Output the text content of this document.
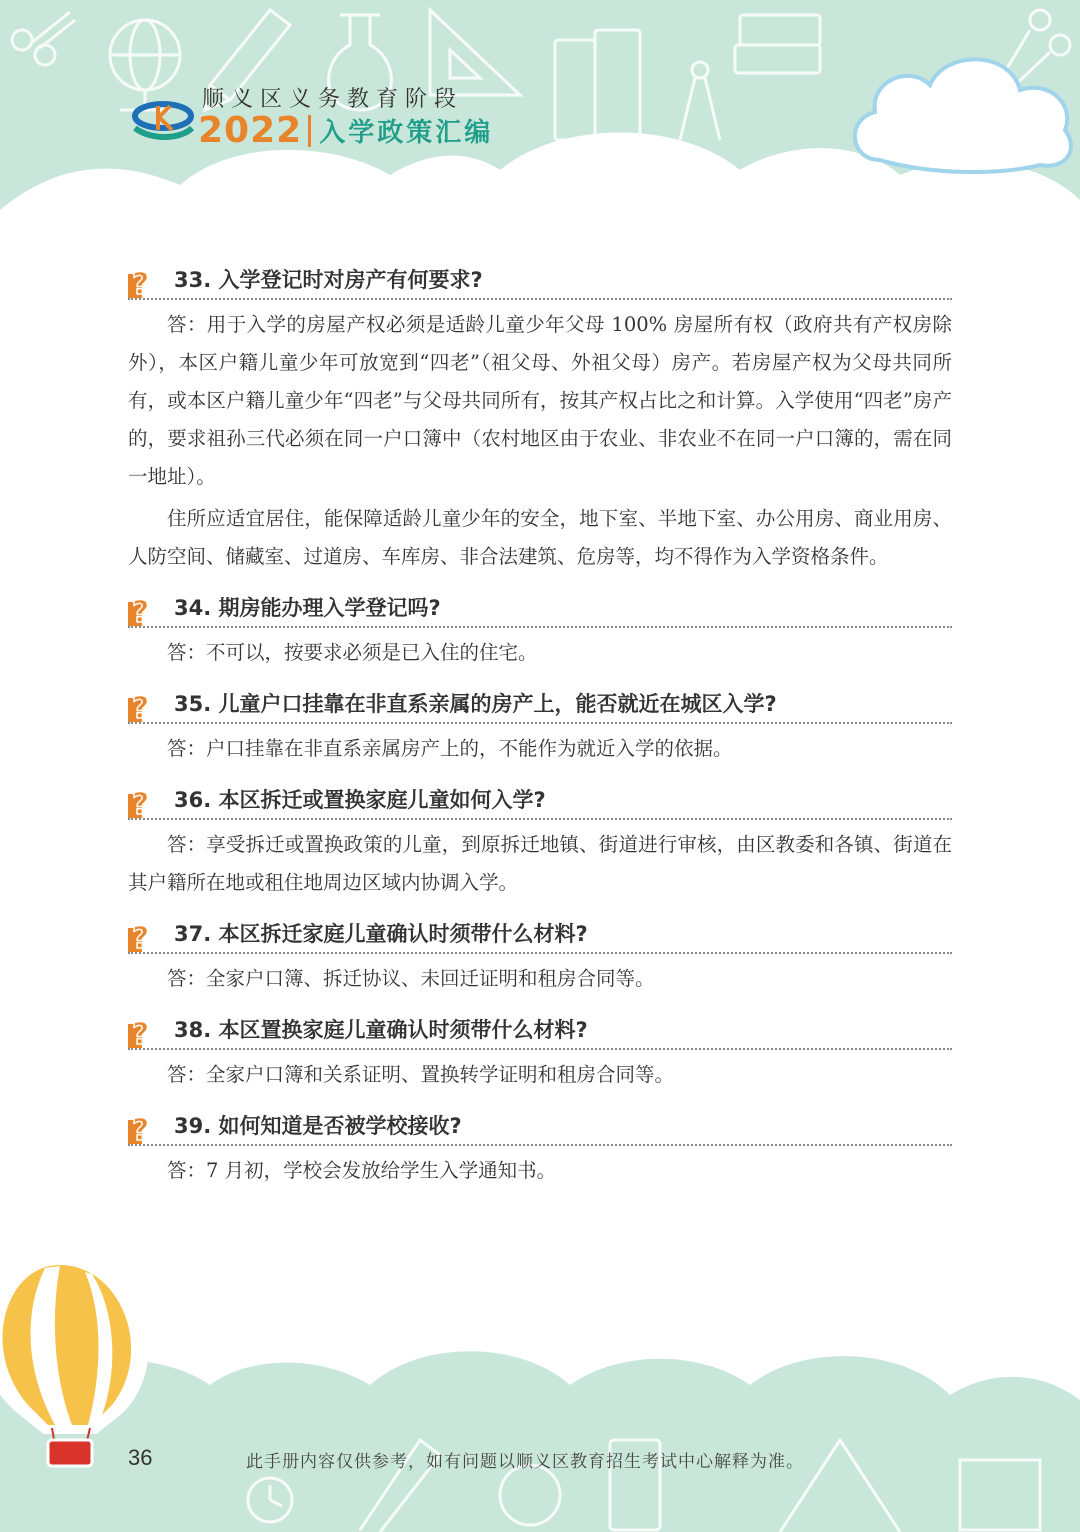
顺义区义务教育阶段
2022 入学政策汇编
? 33. 入学登记时对房产有何要求?

答：用于入学的房屋产权必须是适龄儿童少年父母 100% 房屋所有权（政府共有产权房除外），本区户籍儿童少年可放宽到“四老”（祖父母、外祖父母）房产。若房屋产权为父母共同所有，或本区户籍儿童少年“四老”与父母共同所有，按其产权占比之和计算。入学使用“四老”房产的，要求祖孙三代必须在同一户口簿中（农村地区由于农业、非农业不在同一户口簿的，需在同一地址）。

住所应适宜居住，能保障适龄儿童少年的安全，地下室、半地下室、办公用房、商业用房、人防空间、储藏室、过道房、车库房、非合法建筑、危房等，均不得作为入学资格条件。

? 34. 期房能办理入学登记吗?

答：不可以，按要求必须是已入住的住宅。

? 35. 儿童户口挂靠在非直系亲属的房产上，能否就近在城区入学?

答：户口挂靠在非直系亲属房产上的，不能作为就近入学的依据。

? 36. 本区拆迁或置换家庭儿童如何入学?

答：享受拆迁或置换政策的儿童，到原拆迁地镇、街道进行审核，由区教委和各镇、街道在其户籍所在地或租住地周边区域内协调入学。

? 37. 本区拆迁家庭儿童确认时须带什么材料?

答：全家户口簿、拆迁协议、未回迁证明和租房合同等。

? 38. 本区置换家庭儿童确认时须带什么材料?

答：全家户口簿和关系证明、置换转学证明和租房合同等。

? 39. 如何知道是否被学校接收?

答：7 月初，学校会发放给学生入学通知书。

36	此手册内容仅供参考，如有问题以顺义区教育招生考试中心解释为准。
